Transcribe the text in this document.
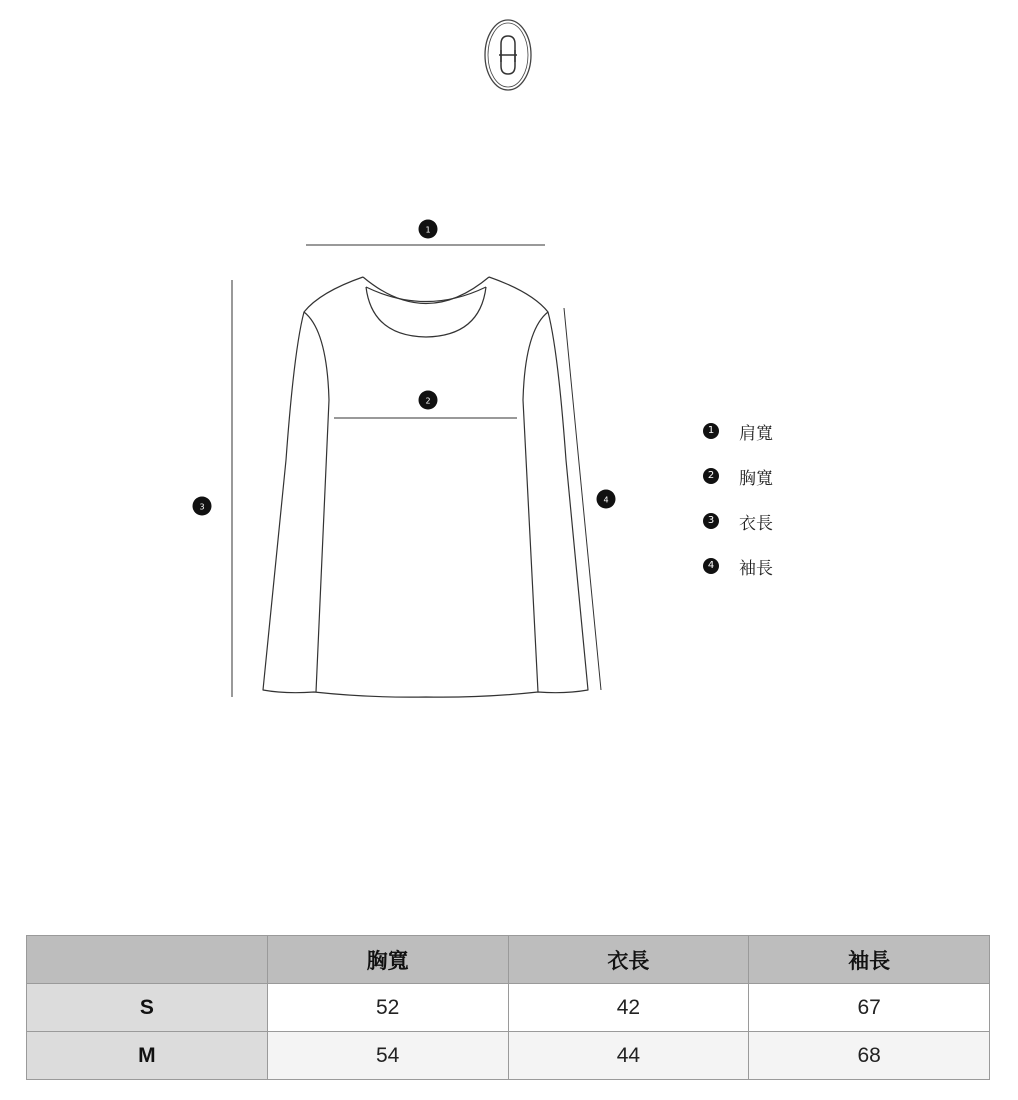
1
2
3
4
1 肩寬
2 胸寬
3 衣長
4 袖長
	胸寬	衣長	袖長
S	52	42	67
M	54	44	68
